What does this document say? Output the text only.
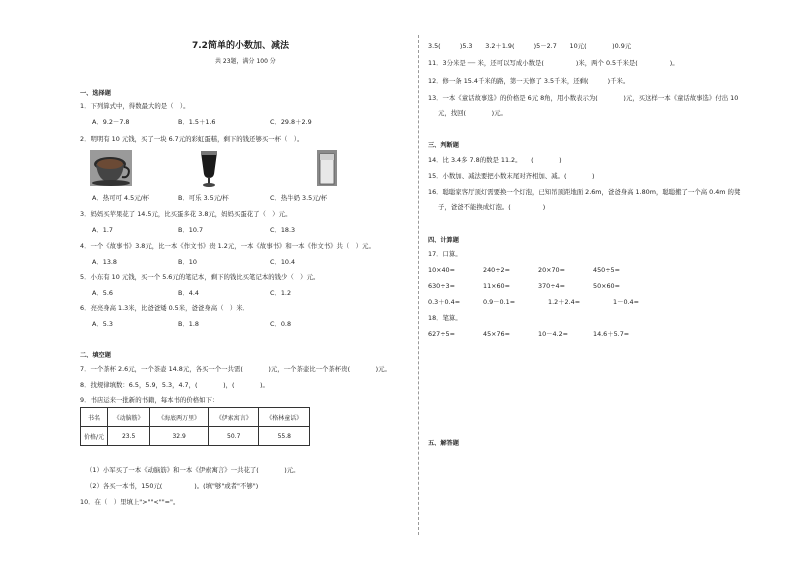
7.2简单的小数加、减法
共 23题，满分 100 分
一、选择题
1．下列算式中，得数最大的是（　）。
A．9.2－7.8	B．1.5＋1.6	C．29.8＋2.9
2．明明有 10 元钱，买了一块 6.7元的彩虹蛋糕，剩下的钱还够买一杯（　）。
A．热可可 4.5元/杯	B．可乐 3.5元/杯	C．热牛奶 3.5元/杯
3．妈妈买苹果花了 14.5元，比买蛋多花 3.8元，妈妈买蛋花了（　）元。
A．1.7	B．10.7	C．18.3
4．一个《故事书》3.8元，比一本《作文书》贵 1.2元，一本《故事书》和一本《作文书》共（　）元。
A．13.8	B．10	C．10.4
5．小东有 10 元钱，买一个 5.6元的笔记本，剩下的钱比买笔记本的钱少（　）元。
A．5.6	B．4.4	C．1.2
6．亮亮身高 1.3米，比爸爸矮 0.5米，爸爸身高（　）米．
A．5.3	B．1.8	C．0.8
二、填空题
7．一个茶杯 2.6元，一个茶壶 14.8元，各买一个一共需(　　　　)元，一个茶壶比一个茶杯贵(　　　　)元。
8．找规律填数：6.5，5.9，5.3，4.7，(　　　　)，(　　　　)。
9．书店运来一批新的书籍，每本书的价格如下：
书名	《动脑筋》	《海底两万里》	《伊索寓言》	《格林童话》
价格/元	23.5	32.9	50.7	55.8
（1）小军买了一本《动脑筋》和一本《伊索寓言》一共花了(　　　　)元。
（2）各买一本书，150元(　　　　　)。(填"够"或者"不够")
10．在（　）里填上">""<""="。
3.5(　　　)5.3　　3.2＋1.9(　　　)5－2.7　　10元(　　　　)0.9元
11．3分米是 ┈┈ 米，还可以写成小数是(　　　　　)米，两个 0.5千米是(　　　　　)。
12．修一条 15.4千米的路，第一天修了 3.5千米，还剩(　　　)千米。
13．一本《童话故事选》的价格是 6元 8角，用小数表示为(　　　　)元，买这样一本《童话故事选》付出 10
元，找回(　　　　)元。
三、判断题
14．比 3.4多 7.8的数是 11.2。　　(　　　　)
15．小数加、减法要把小数末尾对齐相加、减。(　　　　)
16．聪聪家客厅顶灯需要换一个灯泡，已知吊顶距地面 2.6m，爸爸身高 1.80m，聪聪搬了一个高 0.4m 的凳
子，爸爸不能换成灯泡。(　　　　　)
四、计算题
17．口算。
10×40=	240÷2=	20×70=	450÷5=
630÷3=	11×60=	370÷4=	50×60=
0.3＋0.4=	0.9－0.1=	1.2＋2.4=	1－0.4=
18．笔算。
627÷5=	45×76=	10－4.2=	14.6＋5.7=
五、解答题
